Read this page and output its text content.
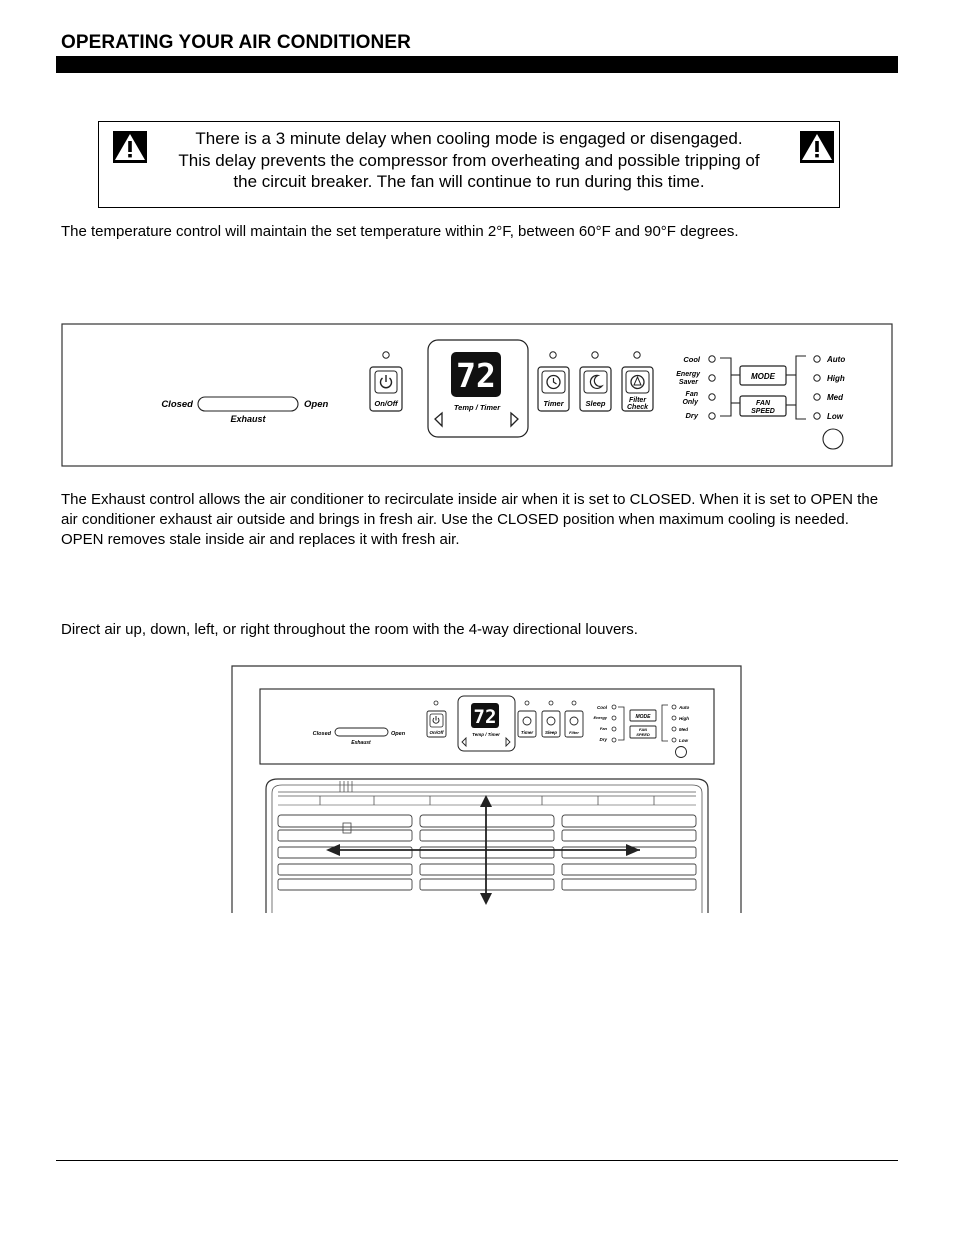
OPERATING YOUR AIR CONDITIONER
There is a 3 minute delay when cooling mode is engaged or disengaged.
This delay prevents the compressor from overheating and possible tripping of
the circuit breaker. The fan will continue to run during this time.
The temperature control will maintain the set temperature within 2°F, between 60°F and 90°F degrees.
Closed	Open
Exhaust
On/Off
72
Temp / Timer	Timer	Sleep	Filter
Check
Cool
Energy
Saver
Fan
Only
Dry
MODE
FAN
SPEED
Auto
High
Med
Low
The Exhaust control allows the air conditioner to recirculate inside air when it is set to CLOSED. When it is set to OPEN the air conditioner exhaust air outside and brings in fresh air. Use the CLOSED position when maximum cooling is needed. OPEN removes stale inside air and replaces it with fresh air.
Direct air up, down, left, or right throughout the room with the 4-way directional louvers.
Closed	Open
Exhaust
On/Off
72
Temp / Timer	Timer	Sleep	Filter
Cool
Energy
Fan
Dry
MODE
FAN
SPEED
Auto
High
Med
Low
